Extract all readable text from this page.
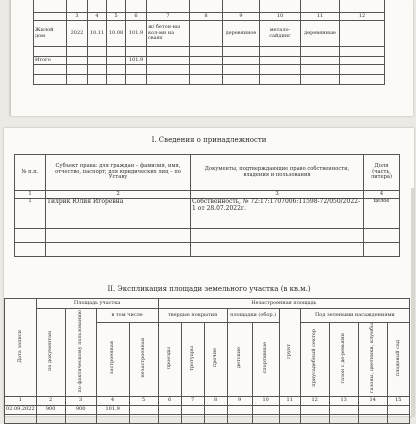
	3	4	5	6	7	8	9	10	11	12
Жилой дом	2022	10.11	10.08	101.9	ж/ бетон-ны кол-мн на сваях		деревянное	метало-сайдинг	деревянные	

Итого				101.9						

I. Сведения о принадлежности
№ п.п.	Субъект права: для граждан – фамилия, имя, отчество, паспорт; для юридических лиц – по Уставу	Документы, подтверждающие право собственности, владения и пользования	Доля (часть, литера)
1	2	3	4
1	Тилрик Юлия Игоревна	Собственность, № 72:17:1707006:11598-72/050/2022-1 от 28.07.2022г.	целое

II. Экспликация площади земельного участка (в кв.м.)
Дата записи	Площадь участка				Незастроенная площадь									
	по документам	по фактическому пользованию	в том числе		твердые покрытия			площадки (обор.)		грунт	Под зелеными насаждениями			
			застроенная	незастроенная	проезды	тротуары	прочие	детские	спортивные		приусадебный сектор	газон с де-ревьями	газоны, цветники, клумбы	плодовый сад
1	2	3	4	5	6	7	8	9	10	11	12	13	14	15
02.09.2022	900	900	101.9											
